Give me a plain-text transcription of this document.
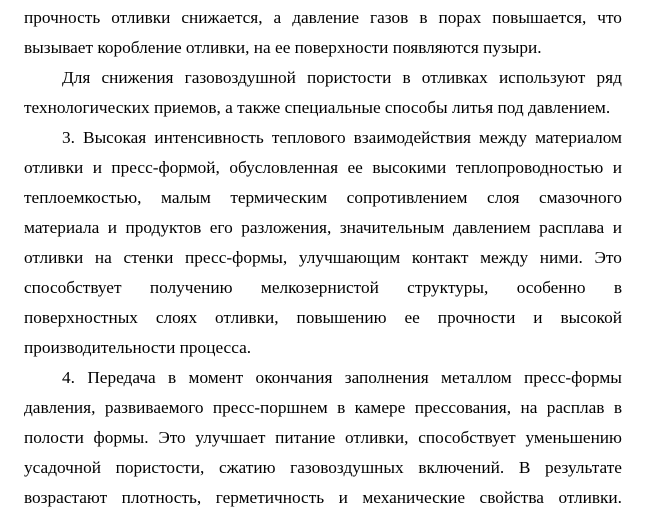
прочность отливки снижается, а давление газов в порах повышается, что
вызывает коробление отливки, на ее поверхности появляются пузыри.
Для снижения газовоздушной пористости в отливках используют ряд
технологических приемов, а также специальные способы литья под давлением.
3. Высокая интенсивность теплового взаимодействия между материалом
отливки и пресс-формой, обусловленная ее высокими теплопроводностью и
теплоемкостью, малым термическим сопротивлением слоя смазочного
материала и продуктов его разложения, значительным давлением расплава и
отливки на стенки пресс-формы, улучшающим контакт между ними. Это
способствует получению мелкозернистой структуры, особенно в
поверхностных слоях отливки, повышению ее прочности и высокой
производительности процесса.
4. Передача в момент окончания заполнения металлом пресс-формы
давления, развиваемого пресс-поршнем в камере прессования, на расплав в
полости формы. Это улучшает питание отливки, способствует уменьшению
усадочной пористости, сжатию газовоздушных включений. В результате
возрастают плотность, герметичность и механические свойства отливки.
